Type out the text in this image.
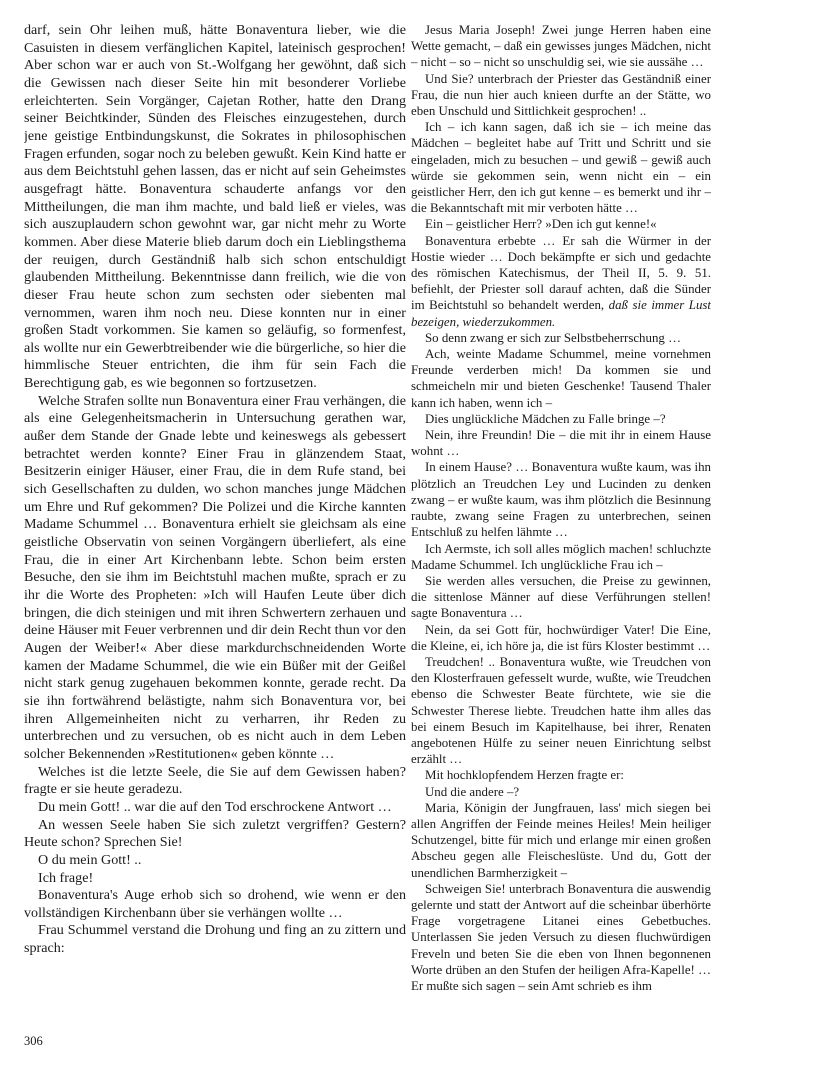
darf, sein Ohr leihen muß, hätte Bonaventura lieber, wie die Casuisten in diesem verfänglichen Kapitel, lateinisch gesprochen! Aber schon war er auch von St.-Wolfgang her gewöhnt, daß sich die Gewissen nach dieser Seite hin mit besonderer Vorliebe erleichterten. Sein Vorgänger, Cajetan Rother, hatte den Drang seiner Beichtkinder, Sünden des Fleisches einzugestehen, durch jene geistige Entbindungskunst, die Sokrates in philosophischen Fragen erfunden, sogar noch zu beleben gewußt. Kein Kind hatte er aus dem Beichtstuhl gehen lassen, das er nicht auf sein Geheimstes ausgefragt hätte. Bonaventura schauderte anfangs vor den Mittheilungen, die man ihm machte, und bald ließ er vieles, was sich auszuplaudern schon gewohnt war, gar nicht mehr zu Worte kommen. Aber diese Materie blieb darum doch ein Lieblingsthema der reuigen, durch Geständniß halb sich schon entschuldigt glaubenden Mittheilung. Bekenntnisse dann freilich, wie die von dieser Frau heute schon zum sechsten oder siebenten mal vernommen, waren ihm noch neu. Diese konnten nur in einer großen Stadt vorkommen. Sie kamen so geläufig, so formenfest, als wollte nur ein Gewerbtreibender wie die bürgerliche, so hier die himmlische Steuer entrichten, die ihm für sein Fach die Berechtigung gab, es wie begonnen so fortzusetzen.

Welche Strafen sollte nun Bonaventura einer Frau verhängen, die als eine Gelegenheitsmacherin in Untersuchung gerathen war, außer dem Stande der Gnade lebte und keineswegs als gebessert betrachtet werden konnte? Einer Frau in glänzendem Staat, Besitzerin einiger Häuser, einer Frau, die in dem Rufe stand, bei sich Gesellschaften zu dulden, wo schon manches junge Mädchen um Ehre und Ruf gekommen? Die Polizei und die Kirche kannten Madame Schummel … Bonaventura erhielt sie gleichsam als eine geistliche Observatin von seinen Vorgängern überliefert, als eine Frau, die in einer Art Kirchenbann lebte. Schon beim ersten Besuche, den sie ihm im Beichtstuhl machen mußte, sprach er zu ihr die Worte des Propheten: »Ich will Haufen Leute über dich bringen, die dich steinigen und mit ihren Schwertern zerhauen und deine Häuser mit Feuer verbrennen und dir dein Recht thun vor den Augen der Weiber!« Aber diese markdurchschneidenden Worte kamen der Madame Schummel, die wie ein Büßer mit der Geißel nicht stark genug zugehauen bekommen konnte, gerade recht. Da sie ihn fortwährend belästigte, nahm sich Bonaventura vor, bei ihren Allgemeinheiten nicht zu verharren, ihr Reden zu unterbrechen und zu versuchen, ob es nicht auch in dem Leben solcher Bekennenden »Restitutionen« geben könnte …

Welches ist die letzte Seele, die Sie auf dem Gewissen haben? fragte er sie heute geradezu.

Du mein Gott! .. war die auf den Tod erschrockene Antwort …

An wessen Seele haben Sie sich zuletzt vergriffen? Gestern? Heute schon? Sprechen Sie!

O du mein Gott! ..

Ich frage!

Bonaventura's Auge erhob sich so drohend, wie wenn er den vollständigen Kirchenbann über sie verhängen wollte …

Frau Schummel verstand die Drohung und fing an zu zittern und sprach:

Jesus Maria Joseph! Zwei junge Herren haben eine Wette gemacht, – daß ein gewisses junges Mädchen, nicht – nicht – so – nicht so unschuldig sei, wie sie aussähe …

Und Sie? unterbrach der Priester das Geständniß einer Frau, die nun hier auch knieen durfte an der Stätte, wo eben Unschuld und Sittlichkeit gesprochen! ..

Ich – ich kann sagen, daß ich sie – ich meine das Mädchen – begleitet habe auf Tritt und Schritt und sie eingeladen, mich zu besuchen – und gewiß – gewiß auch würde sie gekommen sein, wenn nicht ein – ein geistlicher Herr, den ich gut kenne – es bemerkt und ihr – die Bekanntschaft mit mir verboten hätte …

Ein – geistlicher Herr? »Den ich gut kenne!«

Bonaventura erbebte … Er sah die Würmer in der Hostie wieder … Doch bekämpfte er sich und gedachte des römischen Katechismus, der Theil II, 5. 9. 51. befiehlt, der Priester soll darauf achten, daß die Sünder im Beichtstuhl so behandelt werden, daß sie immer Lust bezeigen, wiederzukommen.

So denn zwang er sich zur Selbstbeherrschung …

Ach, weinte Madame Schummel, meine vornehmen Freunde verderben mich! Da kommen sie und schmeicheln mir und bieten Geschenke! Tausend Thaler kann ich haben, wenn ich –

Dies unglückliche Mädchen zu Falle bringe –?

Nein, ihre Freundin! Die – die mit ihr in einem Hause wohnt …

In einem Hause? … Bonaventura wußte kaum, was ihn plötzlich an Treudchen Ley und Lucinden zu denken zwang – er wußte kaum, was ihm plötzlich die Besinnung raubte, zwang seine Fragen zu unterbrechen, seinen Entschluß zu helfen lähmte …

Ich Aermste, ich soll alles möglich machen! schluchzte Madame Schummel. Ich unglückliche Frau ich –

Sie werden alles versuchen, die Preise zu gewinnen, die sittenlose Männer auf diese Verführungen stellen! sagte Bonaventura …

Nein, da sei Gott für, hochwürdiger Vater! Die Eine, die Kleine, ei, ich höre ja, die ist fürs Kloster bestimmt …

Treudchen! .. Bonaventura wußte, wie Treudchen von den Klosterfrauen gefesselt wurde, wußte, wie Treudchen ebenso die Schwester Beate fürchtete, wie sie die Schwester Therese liebte. Treudchen hatte ihm alles das bei einem Besuch im Kapitelhause, bei ihrer, Renaten angebotenen Hülfe zu seiner neuen Einrichtung selbst erzählt …

Mit hochklopfendem Herzen fragte er:

Und die andere –?

Maria, Königin der Jungfrauen, lass' mich siegen bei allen Angriffen der Feinde meines Heiles! Mein heiliger Schutzengel, bitte für mich und erlange mir einen großen Abscheu gegen alle Fleischeslüste. Und du, Gott der unendlichen Barmherzigkeit –

Schweigen Sie! unterbrach Bonaventura die auswendig gelernte und statt der Antwort auf die scheinbar überhörte Frage vorgetragene Litanei eines Gebetbuches. Unterlassen Sie jeden Versuch zu diesen fluchwürdigen Freveln und beten Sie die eben von Ihnen begonnenen Worte drüben an den Stufen der heiligen Afra-Kapelle! … Er mußte sich sagen – sein Amt schrieb es ihm

306
